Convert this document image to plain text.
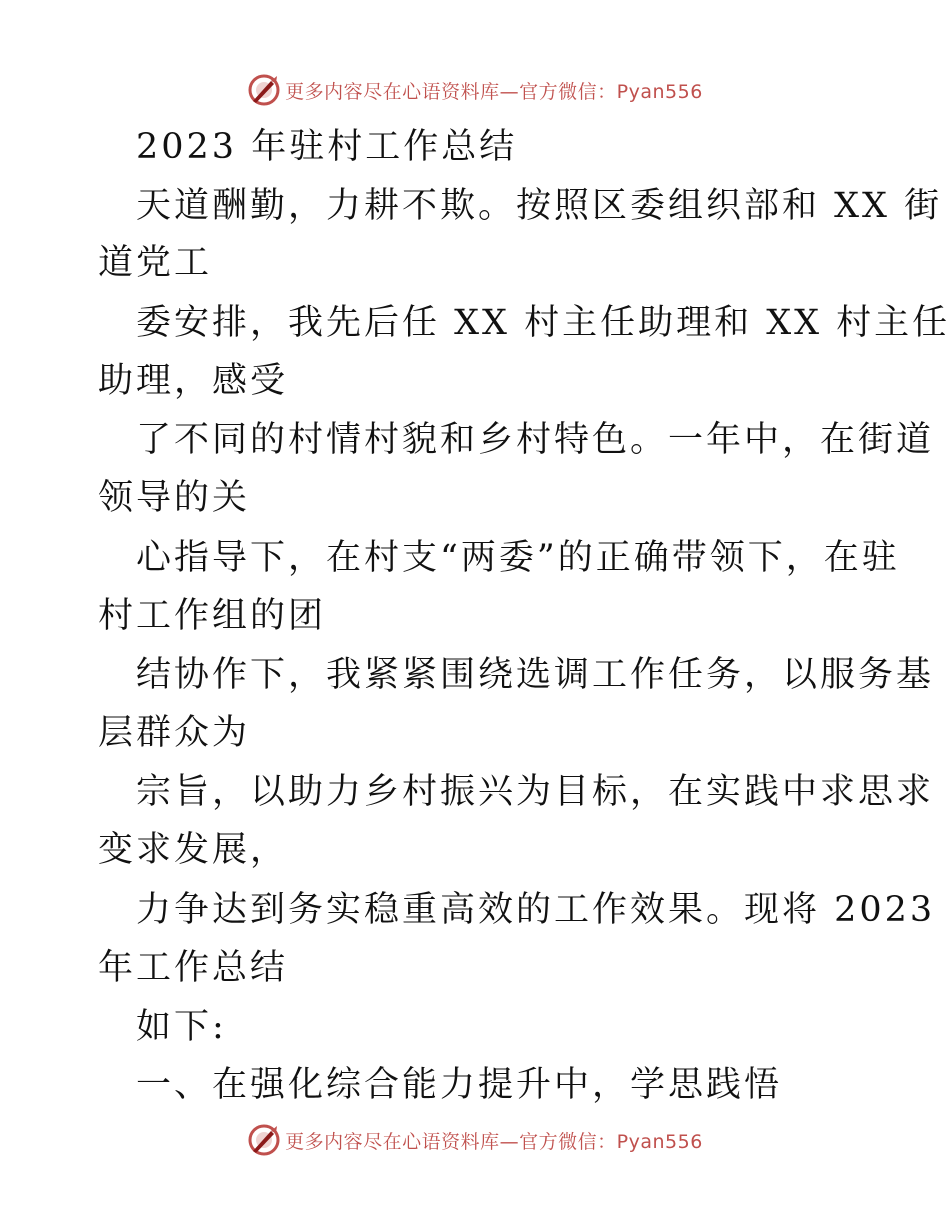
更多内容尽在心语资料库—官方微信：Pyan556
2023 年驻村工作总结
天道酬勤，力耕不欺。按照区委组织部和 XX 街
道党工
委安排，我先后任 XX 村主任助理和 XX 村主任
助理，感受
了不同的村情村貌和乡村特色。一年中，在街道
领导的关
心指导下，在村支“两委”的正确带领下，在驻
村工作组的团
结协作下，我紧紧围绕选调工作任务，以服务基
层群众为
宗旨，以助力乡村振兴为目标，在实践中求思求
变求发展，
力争达到务实稳重高效的工作效果。现将 2023
年工作总结
如下:
一、在强化综合能力提升中，学思践悟
更多内容尽在心语资料库—官方微信：Pyan556
